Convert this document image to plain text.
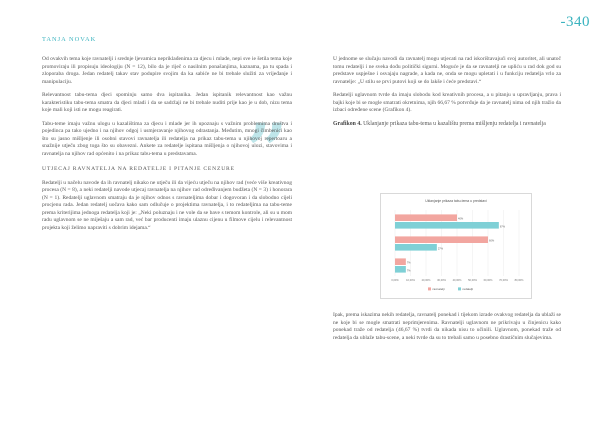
-340
TANJA NOVAK
”

Od ovakvih tema koje ravnatelji i srednje ljevamica nepriklađenima za djecu i mlade, nepi sve ie šetila tema koje promoviraju ili propisuju ideologiju (N = 12), bilo da je riječ o nasilnim ponašanjima, kaznama, pa tu spada i zloporaba droga. Jedan redatelj takav stav podupire svojim da ka sabiće ne bi trebale služiti za vrijeđanje i manipulaciju.

Relevantnost tabu-tema djeci spominju samo dva ispitanika. Jedan ispitanik relevantnost kao važnu karakteristiku tabu-tema smatra da djeci mladi i da se sadržaji ne bi trebale nuditi prije kao je u dob, nizu tema koje mali koji isti ne mogu reagirati.

Tabu-teme imaju važnu ulogu u kazalištima za djecu i mlade jer ih upoznaju s važnim problemima društva i pojedinca pa tako ujedno i na njihov odgoj i usmjeravanje njihovog odrastanja. Međutim, mnogi čimbenici kao što su jasno mišljenje ili osobni stavovi ravnatelja ili redatelja na prikaz tabu-tema u njihovoj repertoaru a snažnije utječu zbog toga što su obavezni. Ankete za redatelje ispitana mišljenja o njihovoj ulozi, stavovima i ravnatelja na njihov rad općenito i na prikaz tabu-tema u predstavama.

UTJECAJ RAVNATELJA NA REDATELJE I PITANJE CENZURE

Redatelji u načelu navode da ih ravnatelj nikako ne utječu ili da vijeću utječu na njihov rad (veće više kreativnog procesa (N = 8), a neki redatelji navode utjecaj ravnatelja na njihov rad određivanjem budžeta (N = 3) i honorara (N = 1). Redatelji uglavnom smatraju da je njihov odnos s ravnateljima dobar i dogovoran i da slobodno cijeli procjenu rada. Jedan redatelj uočava kako sam odlučuje o projektima ravnatelja, i to redateljima na tabu-teme prema kriterijima jednoga redatelja koji je: „Neki poluznaju i ne vole da se bave s temom kontrole, ali su u mom radu uglavnom se ne miješaju a sam rad, već bar producenti imaju ulaznu cijenu u filmove cijelu i relevantnost projekta koji želimo napraviti s dobrim idejama.“

U jednome se slučaju navodi da ravnatelj mogu utjecati na rad iskorištavajući svoj autoritet, ali unatoč tomu redatelji i ne sveka dođu politički sigurni. Moguće je da se ravnatelji ne upliću u rad dok god su predstave uspješne i osvajaju nagrade, a kada ne, onda se mogu upletati i u funkciju redatelja vrlo za ravnatelje: „U stilu se prvi putovi koji se do lakše i ćeće predstavi.“

Redatelji uglavnom tvrde da imaju slobodu kod kreativnih procesa, a u pitanju u upravljanju, prava i bajki koje bi se mogle smatrati okretnima, njih 66,67 % potvrđuje da je ravnatelj nima od njih tražio da izbaci određene scene (Grafikon 4).

Grafikon 4. Uklanjanje prikaza tabu-tema u kazalištu prema mišljenju redatelja i ravnatelja
Uklanjanje prikaza tabu-tema u predstavi
0,00%	10,00%	20,00%	30,00%	40,00%	50,00%	60,00%	70,00%	80,00%
40%
67%
60%
27%
7%
7%
ravnatelji	redatelji

Ipak, prema iskazima nekih redatelja, ravnatelj ponekad i tijekom izrade ovakvog redatelja da ublaži se ne koje bi se mogle smatrati neprimjerenima. Ravnatelji uglavnom ne prikrivaju u činjenicu kako ponekad traže od redatelja (46,67 %) tvrdi da nikada nisu to učinili. Uglavnom, ponekad traže od redatelja da ublaže tabu-scene, a neki tvrde da su to trebali samo u posebno drastičnim slučajevima.
